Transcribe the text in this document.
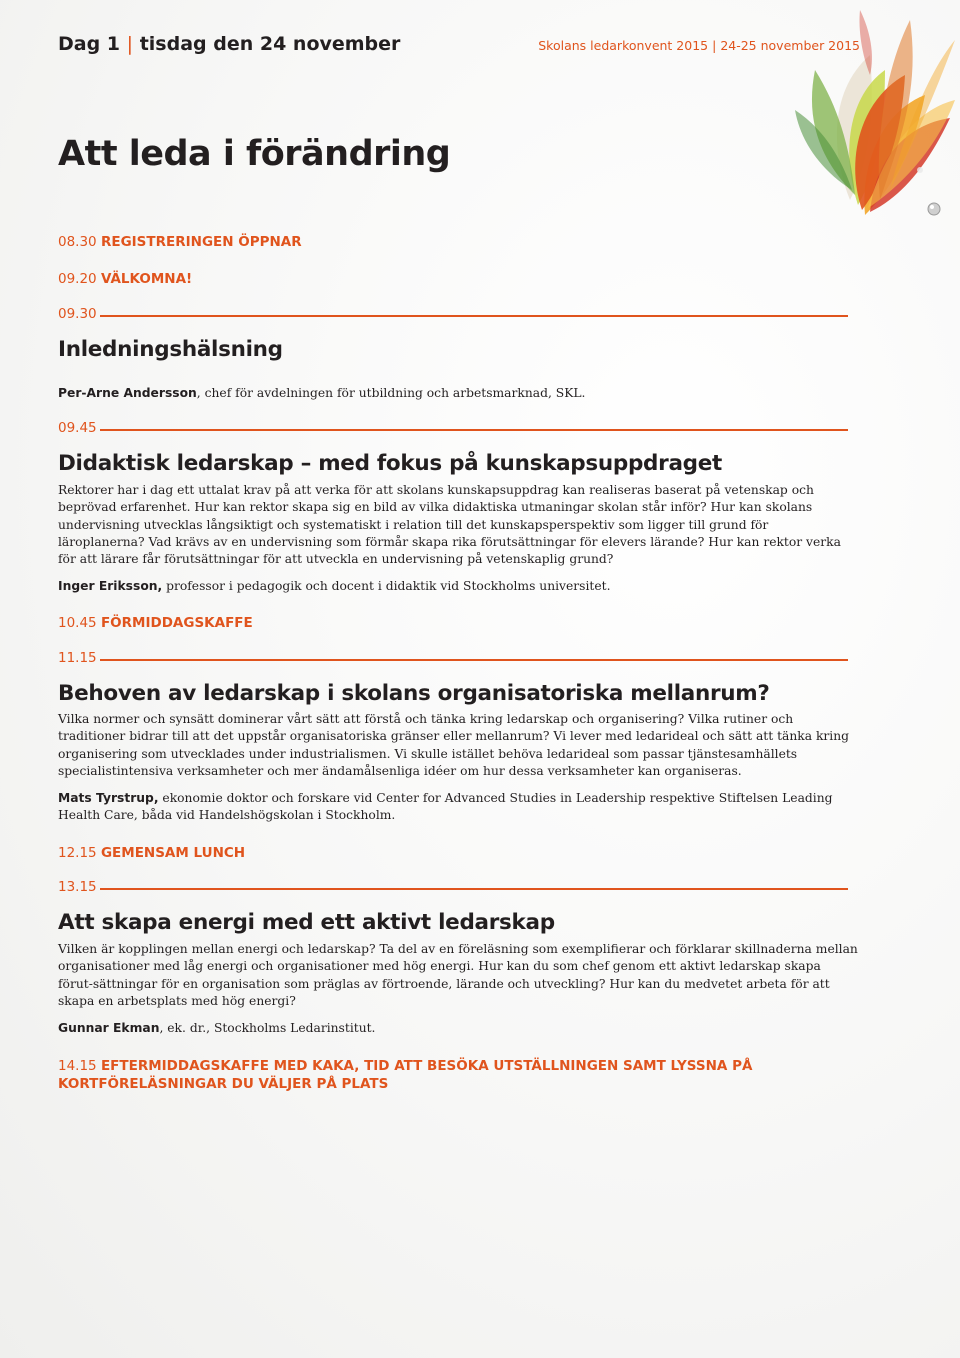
Dag 1 | tisdag den 24 november	Skolans ledarkonvent 2015 | 24-25 november 2015
Att leda i förändring
08.30 REGISTRERINGEN ÖPPNAR
09.20 VÄLKOMNA!
09.30
Inledningshälsning

Per-Arne Andersson, chef för avdelningen för utbildning och arbetsmarknad, SKL.

09.45
Didaktisk ledarskap – med fokus på kunskapsuppdraget

Rektorer har i dag ett uttalat krav på att verka för att skolans kunskapsuppdrag kan realiseras baserat på vetenskap och beprövad erfarenhet. Hur kan rektor skapa sig en bild av vilka didaktiska utmaningar skolan står inför? Hur kan skolans undervisning utvecklas långsiktigt och systematiskt i relation till det kunskapsperspektiv som ligger till grund för läroplanerna? Vad krävs av en undervisning som förmår skapa rika förutsättningar för elevers lärande? Hur kan rektor verka för att lärare får förutsättningar för att utveckla en undervisning på vetenskaplig grund?

Inger Eriksson, professor i pedagogik och docent i didaktik vid Stockholms universitet.

10.45 FÖRMIDDAGSKAFFE
11.15
Behoven av ledarskap i skolans organisatoriska mellanrum?

Vilka normer och synsätt dominerar vårt sätt att förstå och tänka kring ledarskap och organisering? Vilka rutiner och traditioner bidrar till att det uppstår organisatoriska gränser eller mellanrum? Vi lever med ledarideal och sätt att tänka kring organisering som utvecklades under industrialismen. Vi skulle istället behöva ledarideal som passar tjänstesamhällets specialistintensiva verksamheter och mer ändamålsenliga idéer om hur dessa verksamheter kan organiseras.

Mats Tyrstrup, ekonomie doktor och forskare vid Center for Advanced Studies in Leadership respektive Stiftelsen Leading Health Care, båda vid Handelshögskolan i Stockholm.

12.15 GEMENSAM LUNCH
13.15
Att skapa energi med ett aktivt ledarskap

Vilken är kopplingen mellan energi och ledarskap? Ta del av en föreläsning som exemplifierar och förklarar skillnaderna mellan organisationer med låg energi och organisationer med hög energi. Hur kan du som chef genom ett aktivt ledarskap skapa förut-sättningar för en organisation som präglas av förtroende, lärande och utveckling? Hur kan du medvetet arbeta för att skapa en arbetsplats med hög energi?

Gunnar Ekman, ek. dr., Stockholms Ledarinstitut.

14.15 EFTERMIDDAGSKAFFE MED KAKA, TID ATT BESÖKA UTSTÄLLNINGEN SAMT LYSSNA PÅ
KORTFÖRELÄSNINGAR DU VÄLJER PÅ PLATS
